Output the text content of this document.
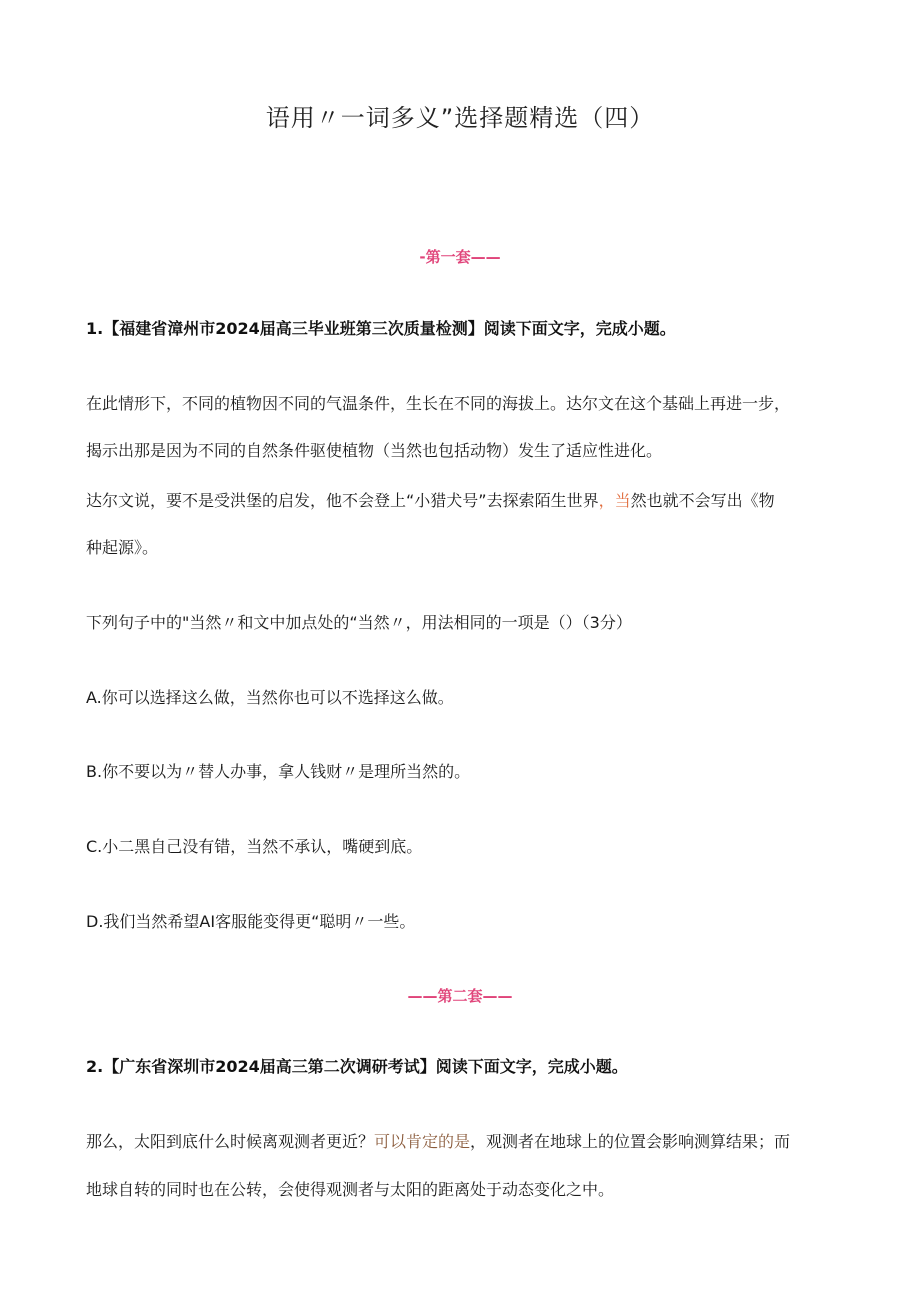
语用〃一词多义”选择题精选（四）
-第一套——
1.【福建省漳州市2024届高三毕业班第三次质量检测】阅读下面文字，完成小题。
在此情形下，不同的植物因不同的气温条件，生长在不同的海拔上。达尔文在这个基础上再进一步，
揭示出那是因为不同的自然条件驱使植物（当然也包括动物）发生了适应性进化。
达尔文说，要不是受洪堡的启发，他不会登上“小猎犬号”去探索陌生世界，当然也就不会写出《物
种起源》。
下列句子中的"当然〃和文中加点处的“当然〃，用法相同的一项是（）（3分）
A.你可以选择这么做，当然你也可以不选择这么做。
B.你不要以为〃替人办事，拿人钱财〃是理所当然的。
C.小二黑自己没有错，当然不承认，嘴硬到底。
D.我们当然希望AI客服能变得更“聪明〃一些。
——第二套——
2.【广东省深圳市2024届高三第二次调研考试】阅读下面文字，完成小题。
那么，太阳到底什么时候离观测者更近？可以肯定的是，观测者在地球上的位置会影响测算结果；而
地球自转的同时也在公转，会使得观测者与太阳的距离处于动态变化之中。
